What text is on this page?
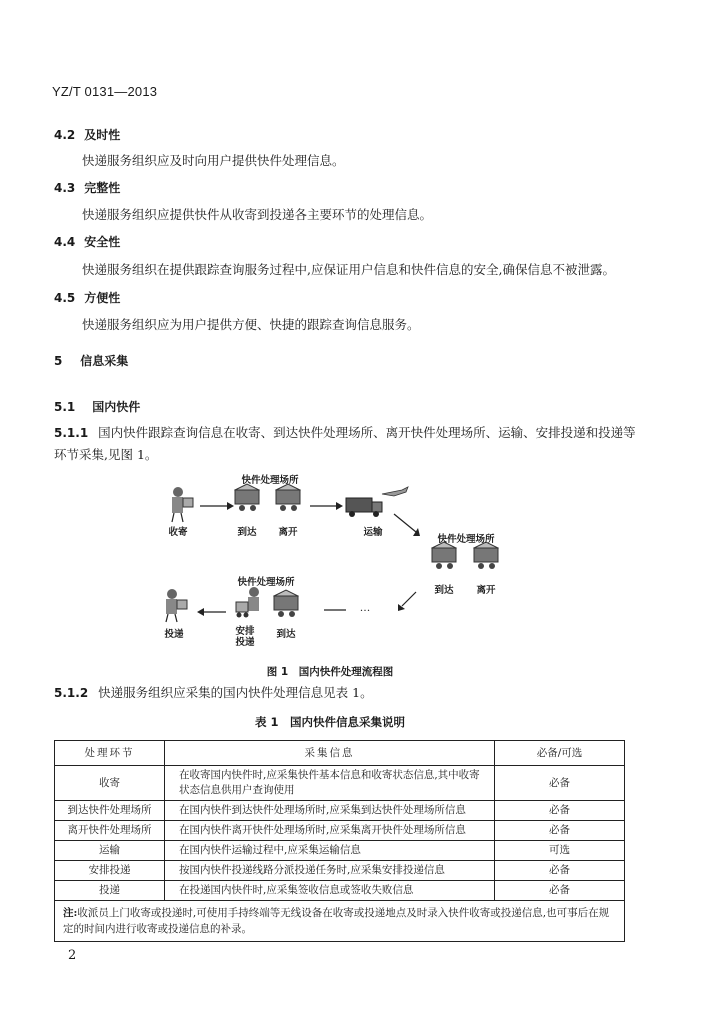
YZ/T 0131—2013
4.2 及时性
快递服务组织应及时向用户提供快件处理信息。
4.3 完整性
快递服务组织应提供快件从收寄到投递各主要环节的处理信息。
4.4 安全性
快递服务组织在提供跟踪查询服务过程中,应保证用户信息和快件信息的安全,确保信息不被泄露。
4.5 方便性
快递服务组织应为用户提供方便、快捷的跟踪查询信息服务。
5 信息采集
5.1 国内快件
5.1.1 国内快件跟踪查询信息在收寄、到达快件处理场所、离开快件处理场所、运输、安排投递和投递等
环节采集,见图 1。
快件处理场所
快件处理场所
快件处理场所
收寄	到达	离开	运输
到达	离开
…
到达
安排
投递
投递
图 1　国内快件处理流程图
5.1.2 快递服务组织应采集的国内快件处理信息见表 1。
表 1　国内快件信息采集说明
处理环节	采集信息	必备/可选
收寄	在收寄国内快件时,应采集快件基本信息和收寄状态信息,其中收寄状态信息供用户查询使用	必备
到达快件处理场所	在国内快件到达快件处理场所时,应采集到达快件处理场所信息	必备
离开快件处理场所	在国内快件离开快件处理场所时,应采集离开快件处理场所信息	必备
运输	在国内快件运输过程中,应采集运输信息	可选
安排投递	按国内快件投递线路分派投递任务时,应采集安排投递信息	必备
投递	在投递国内快件时,应采集签收信息或签收失败信息	必备
注:收派员上门收寄或投递时,可使用手持终端等无线设备在收寄或投递地点及时录入快件收寄或投递信息,也可事后在规定的时间内进行收寄或投递信息的补录。		
2
